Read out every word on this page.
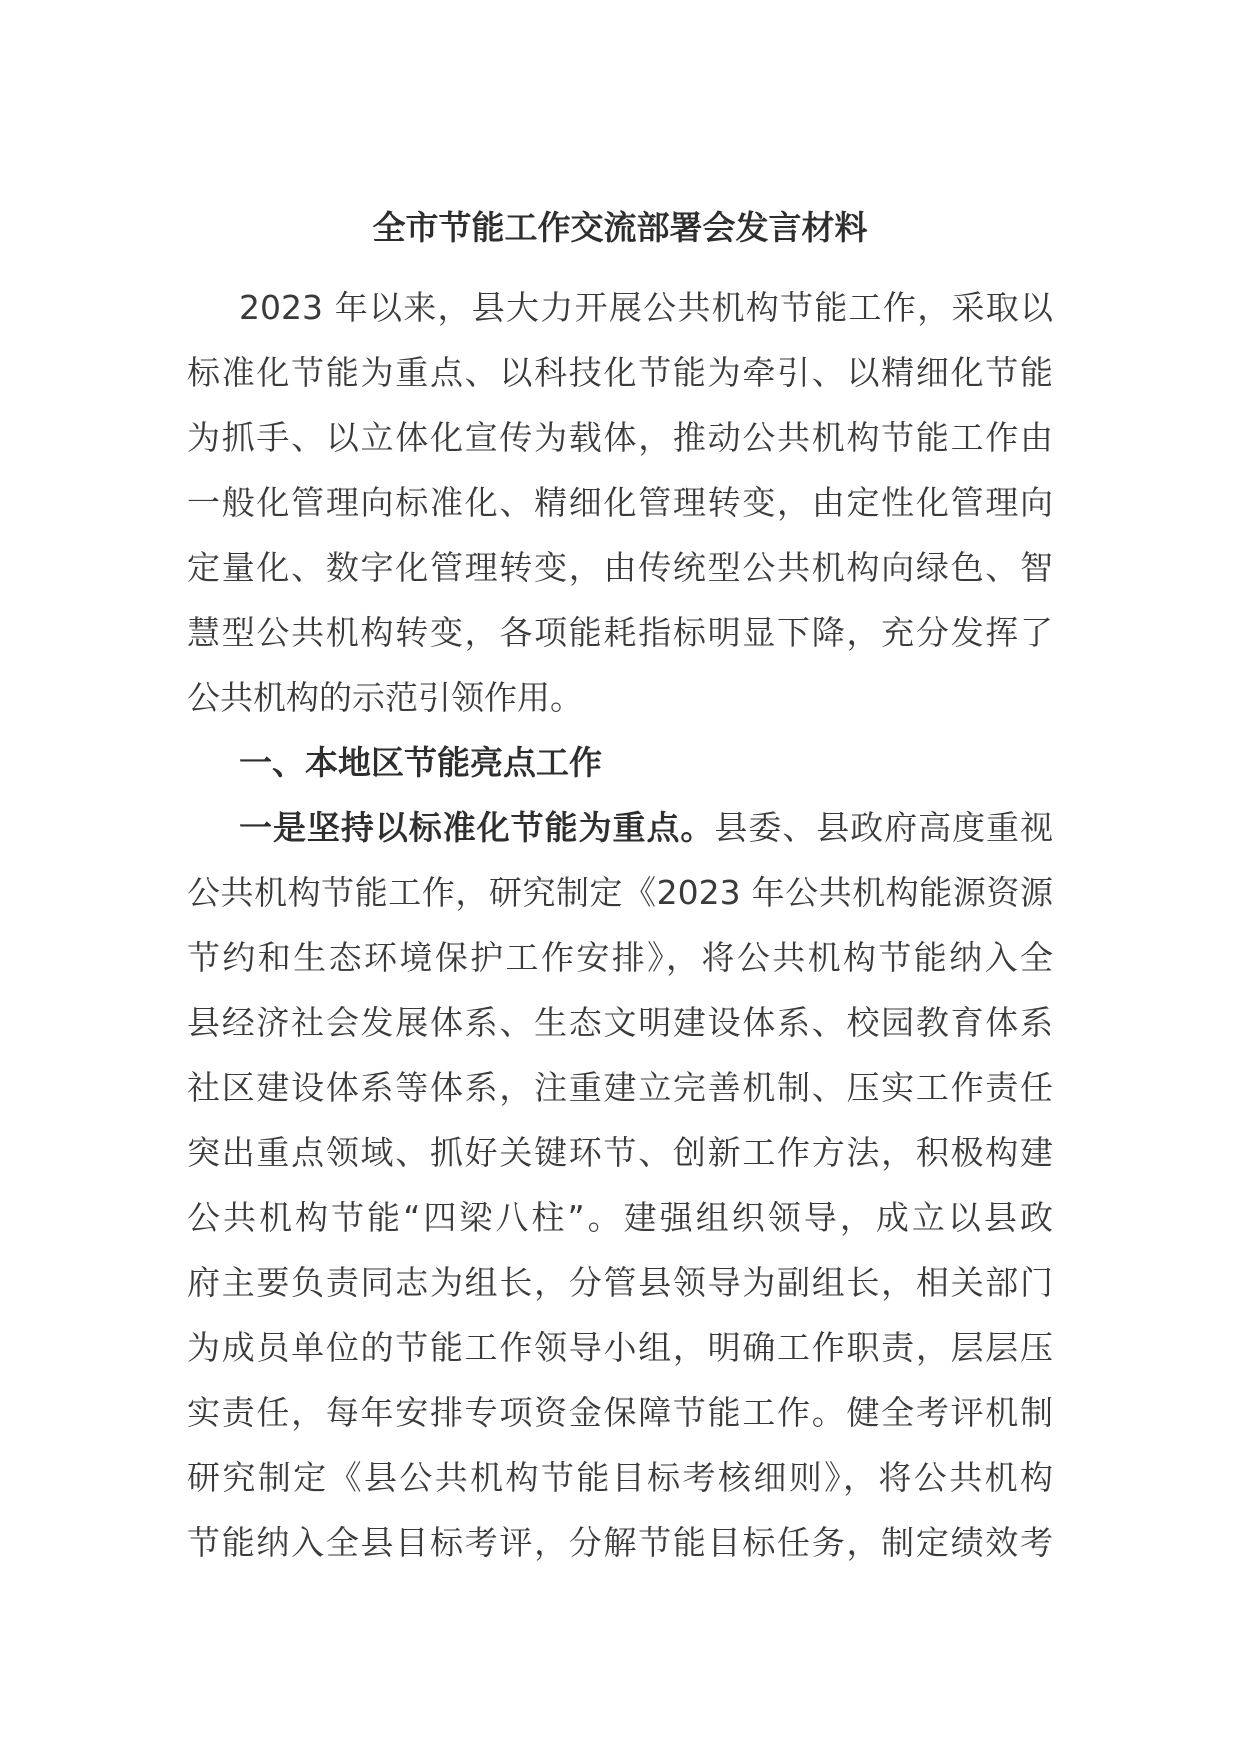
全市节能工作交流部署会发言材料
2023 年以来，县大力开展公共机构节能工作，采取以
标准化节能为重点、以科技化节能为牵引、以精细化节能
为抓手、以立体化宣传为载体，推动公共机构节能工作由
一般化管理向标准化、精细化管理转变，由定性化管理向
定量化、数字化管理转变，由传统型公共机构向绿色、智
慧型公共机构转变，各项能耗指标明显下降，充分发挥了
公共机构的示范引领作用。
一、本地区节能亮点工作
一是坚持以标准化节能为重点。县委、县政府高度重视
公共机构节能工作，研究制定《2023 年公共机构能源资源
节约和生态环境保护工作安排》，将公共机构节能纳入全
县经济社会发展体系、生态文明建设体系、校园教育体系
社区建设体系等体系，注重建立完善机制、压实工作责任
突出重点领域、抓好关键环节、创新工作方法，积极构建
公共机构节能“四梁八柱”。建强组织领导，成立以县政
府主要负责同志为组长，分管县领导为副组长，相关部门
为成员单位的节能工作领导小组，明确工作职责，层层压
实责任，每年安排专项资金保障节能工作。健全考评机制
研究制定《县公共机构节能目标考核细则》，将公共机构
节能纳入全县目标考评，分解节能目标任务，制定绩效考
